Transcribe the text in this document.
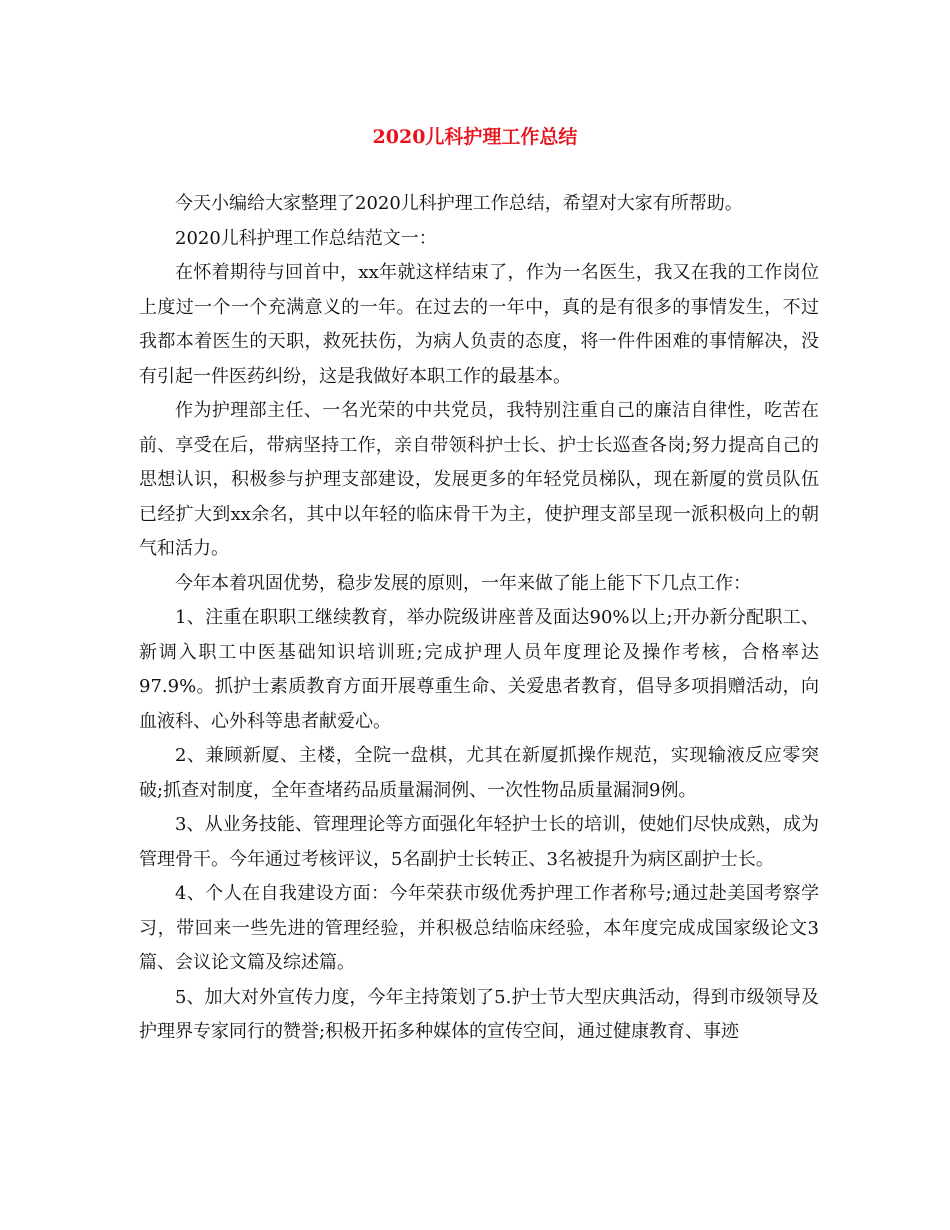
2020儿科护理工作总结

今天小编给大家整理了2020儿科护理工作总结，希望对大家有所帮助。

2020儿科护理工作总结范文一：

在怀着期待与回首中，xx年就这样结束了，作为一名医生，我又在我的工作岗位上度过一个一个充满意义的一年。在过去的一年中，真的是有很多的事情发生，不过我都本着医生的天职，救死扶伤，为病人负责的态度，将一件件困难的事情解决，没有引起一件医药纠纷，这是我做好本职工作的最基本。

作为护理部主任、一名光荣的中共党员，我特别注重自己的廉洁自律性，吃苦在前、享受在后，带病坚持工作，亲自带领科护士长、护士长巡查各岗;努力提高自己的思想认识，积极参与护理支部建设，发展更多的年轻党员梯队，现在新厦的赏员队伍已经扩大到xx余名，其中以年轻的临床骨干为主，使护理支部呈现一派积极向上的朝气和活力。

今年本着巩固优势，稳步发展的原则，一年来做了能上能下下几点工作：

1、注重在职职工继续教育，举办院级讲座普及面达90%以上;开办新分配职工、新调入职工中医基础知识培训班;完成护理人员年度理论及操作考核，合格率达97.9%。抓护士素质教育方面开展尊重生命、关爱患者教育，倡导多项捐赠活动，向血液科、心外科等患者献爱心。

2、兼顾新厦、主楼，全院一盘棋，尤其在新厦抓操作规范，实现输液反应零突破;抓查对制度，全年查堵药品质量漏洞例、一次性物品质量漏洞9例。

3、从业务技能、管理理论等方面强化年轻护士长的培训，使她们尽快成熟，成为管理骨干。今年通过考核评议，5名副护士长转正、3名被提升为病区副护士长。

4、个人在自我建设方面：今年荣获市级优秀护理工作者称号;通过赴美国考察学习，带回来一些先进的管理经验，并积极总结临床经验，本年度完成成国家级论文3篇、会议论文篇及综述篇。

5、加大对外宣传力度，今年主持策划了5.护士节大型庆典活动，得到市级领导及护理界专家同行的赞誉;积极开拓多种媒体的宣传空间，通过健康教育、事迹
